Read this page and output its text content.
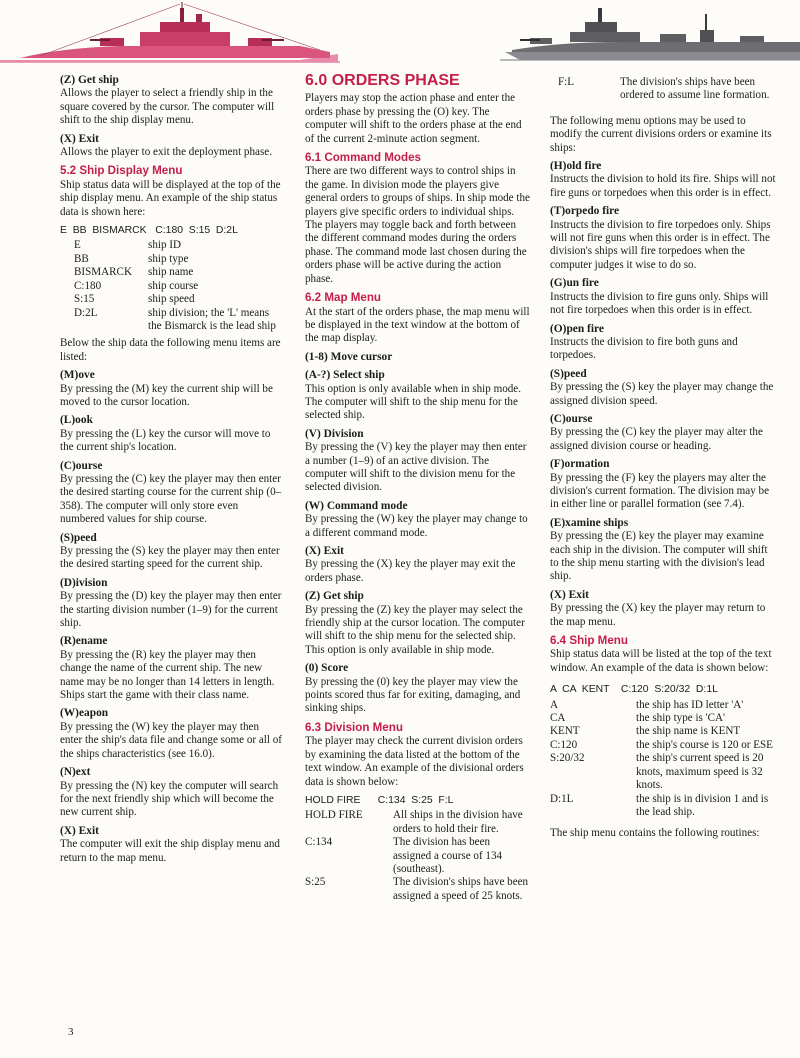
(Z) Get ship

Allows the player to select a friendly ship in the square covered by the cursor. The computer will shift to the ship display menu.

(X) Exit

Allows the player to exit the deployment phase.

5.2 Ship Display Menu

Ship status data will be displayed at the top of the ship display menu. An example of the ship status data is shown here:

E  BB  BISMARCK   C:180  S:15  D:2L
E	ship ID
BB	ship type
BISMARCK	ship name
C:180	ship course
S:15	ship speed
D:2L	ship division; the 'L' means the Bismarck is the lead ship

Below the ship data the following menu items are listed:

(M)ove

By pressing the (M) key the current ship will be moved to the cursor location.

(L)ook

By pressing the (L) key the cursor will move to the current ship's location.

(C)ourse

By pressing the (C) key the player may then enter the desired starting course for the current ship (0–358). The computer will only store even numbered values for ship course.

(S)peed

By pressing the (S) key the player may then enter the desired starting speed for the current ship.

(D)ivision

By pressing the (D) key the player may then enter the starting division number (1–9) for the current ship.

(R)ename

By pressing the (R) key the player may then change the name of the current ship. The new name may be no longer than 14 letters in length. Ships start the game with their class name.

(W)eapon

By pressing the (W) key the player may then enter the ship's data file and change some or all of the ships characteristics (see 16.0).

(N)ext

By pressing the (N) key the computer will search for the next friendly ship which will become the new current ship.

(X) Exit

The computer will exit the ship display menu and return to the map menu.

6.0 ORDERS PHASE

Players may stop the action phase and enter the orders phase by pressing the (O) key. The computer will shift to the orders phase at the end of the current 2-minute action segment.

6.1 Command Modes

There are two different ways to control ships in the game. In division mode the players give general orders to groups of ships. In ship mode the players give specific orders to individual ships. The players may toggle back and forth between the different command modes during the orders phase. The command mode last chosen during the orders phase will be active during the action phase.

6.2 Map Menu

At the start of the orders phase, the map menu will be displayed in the text window at the bottom of the map display.

(1-8) Move cursor
(A-?) Select ship

This option is only available when in ship mode. The computer will shift to the ship menu for the selected ship.

(V) Division

By pressing the (V) key the player may then enter a number (1–9) of an active division. The computer will shift to the division menu for the selected division.

(W) Command mode

By pressing the (W) key the player may change to a different command mode.

(X) Exit

By pressing the (X) key the player may exit the orders phase.

(Z) Get ship

By pressing the (Z) key the player may select the friendly ship at the cursor location. The computer will shift to the ship menu for the selected ship. This option is only available in ship mode.

(0) Score

By pressing the (0) key the player may view the points scored thus far for exiting, damaging, and sinking ships.

6.3 Division Menu

The player may check the current division orders by examining the data listed at the bottom of the text window. An example of the divisional orders data is shown below:

HOLD FIRE      C:134  S:25  F:L
HOLD FIRE	All ships in the division have orders to hold their fire.
C:134	The division has been assigned a course of 134 (southeast).
S:25	The division's ships have been assigned a speed of 25 knots.
F:L	The division's ships have been ordered to assume line formation.

The following menu options may be used to modify the current divisions orders or examine its ships:

(H)old fire

Instructs the division to hold its fire. Ships will not fire guns or torpedoes when this order is in effect.

(T)orpedo fire

Instructs the division to fire torpedoes only. Ships will not fire guns when this order is in effect. The division's ships will fire torpedoes when the computer judges it wise to do so.

(G)un fire

Instructs the division to fire guns only. Ships will not fire torpedoes when this order is in effect.

(O)pen fire

Instructs the division to fire both guns and torpedoes.

(S)peed

By pressing the (S) key the player may change the assigned division speed.

(C)ourse

By pressing the (C) key the player may alter the assigned division course or heading.

(F)ormation

By pressing the (F) key the players may alter the division's current formation. The division may be in either line or parallel formation (see 7.4).

(E)xamine ships

By pressing the (E) key the player may examine each ship in the division. The computer will shift to the ship menu starting with the division's lead ship.

(X) Exit

By pressing the (X) key the player may return to the map menu.

6.4 Ship Menu

Ship status data will be listed at the top of the text window. An example of the data is shown below:

A  CA  KENT    C:120  S:20/32  D:1L
A	the ship has ID letter 'A'
CA	the ship type is 'CA'
KENT	the ship name is KENT
C:120	the ship's course is 120 or ESE
S:20/32	the ship's current speed is 20 knots, maximum speed is 32 knots.
D:1L	the ship is in division 1 and is the lead ship.

The ship menu contains the following routines:

3
